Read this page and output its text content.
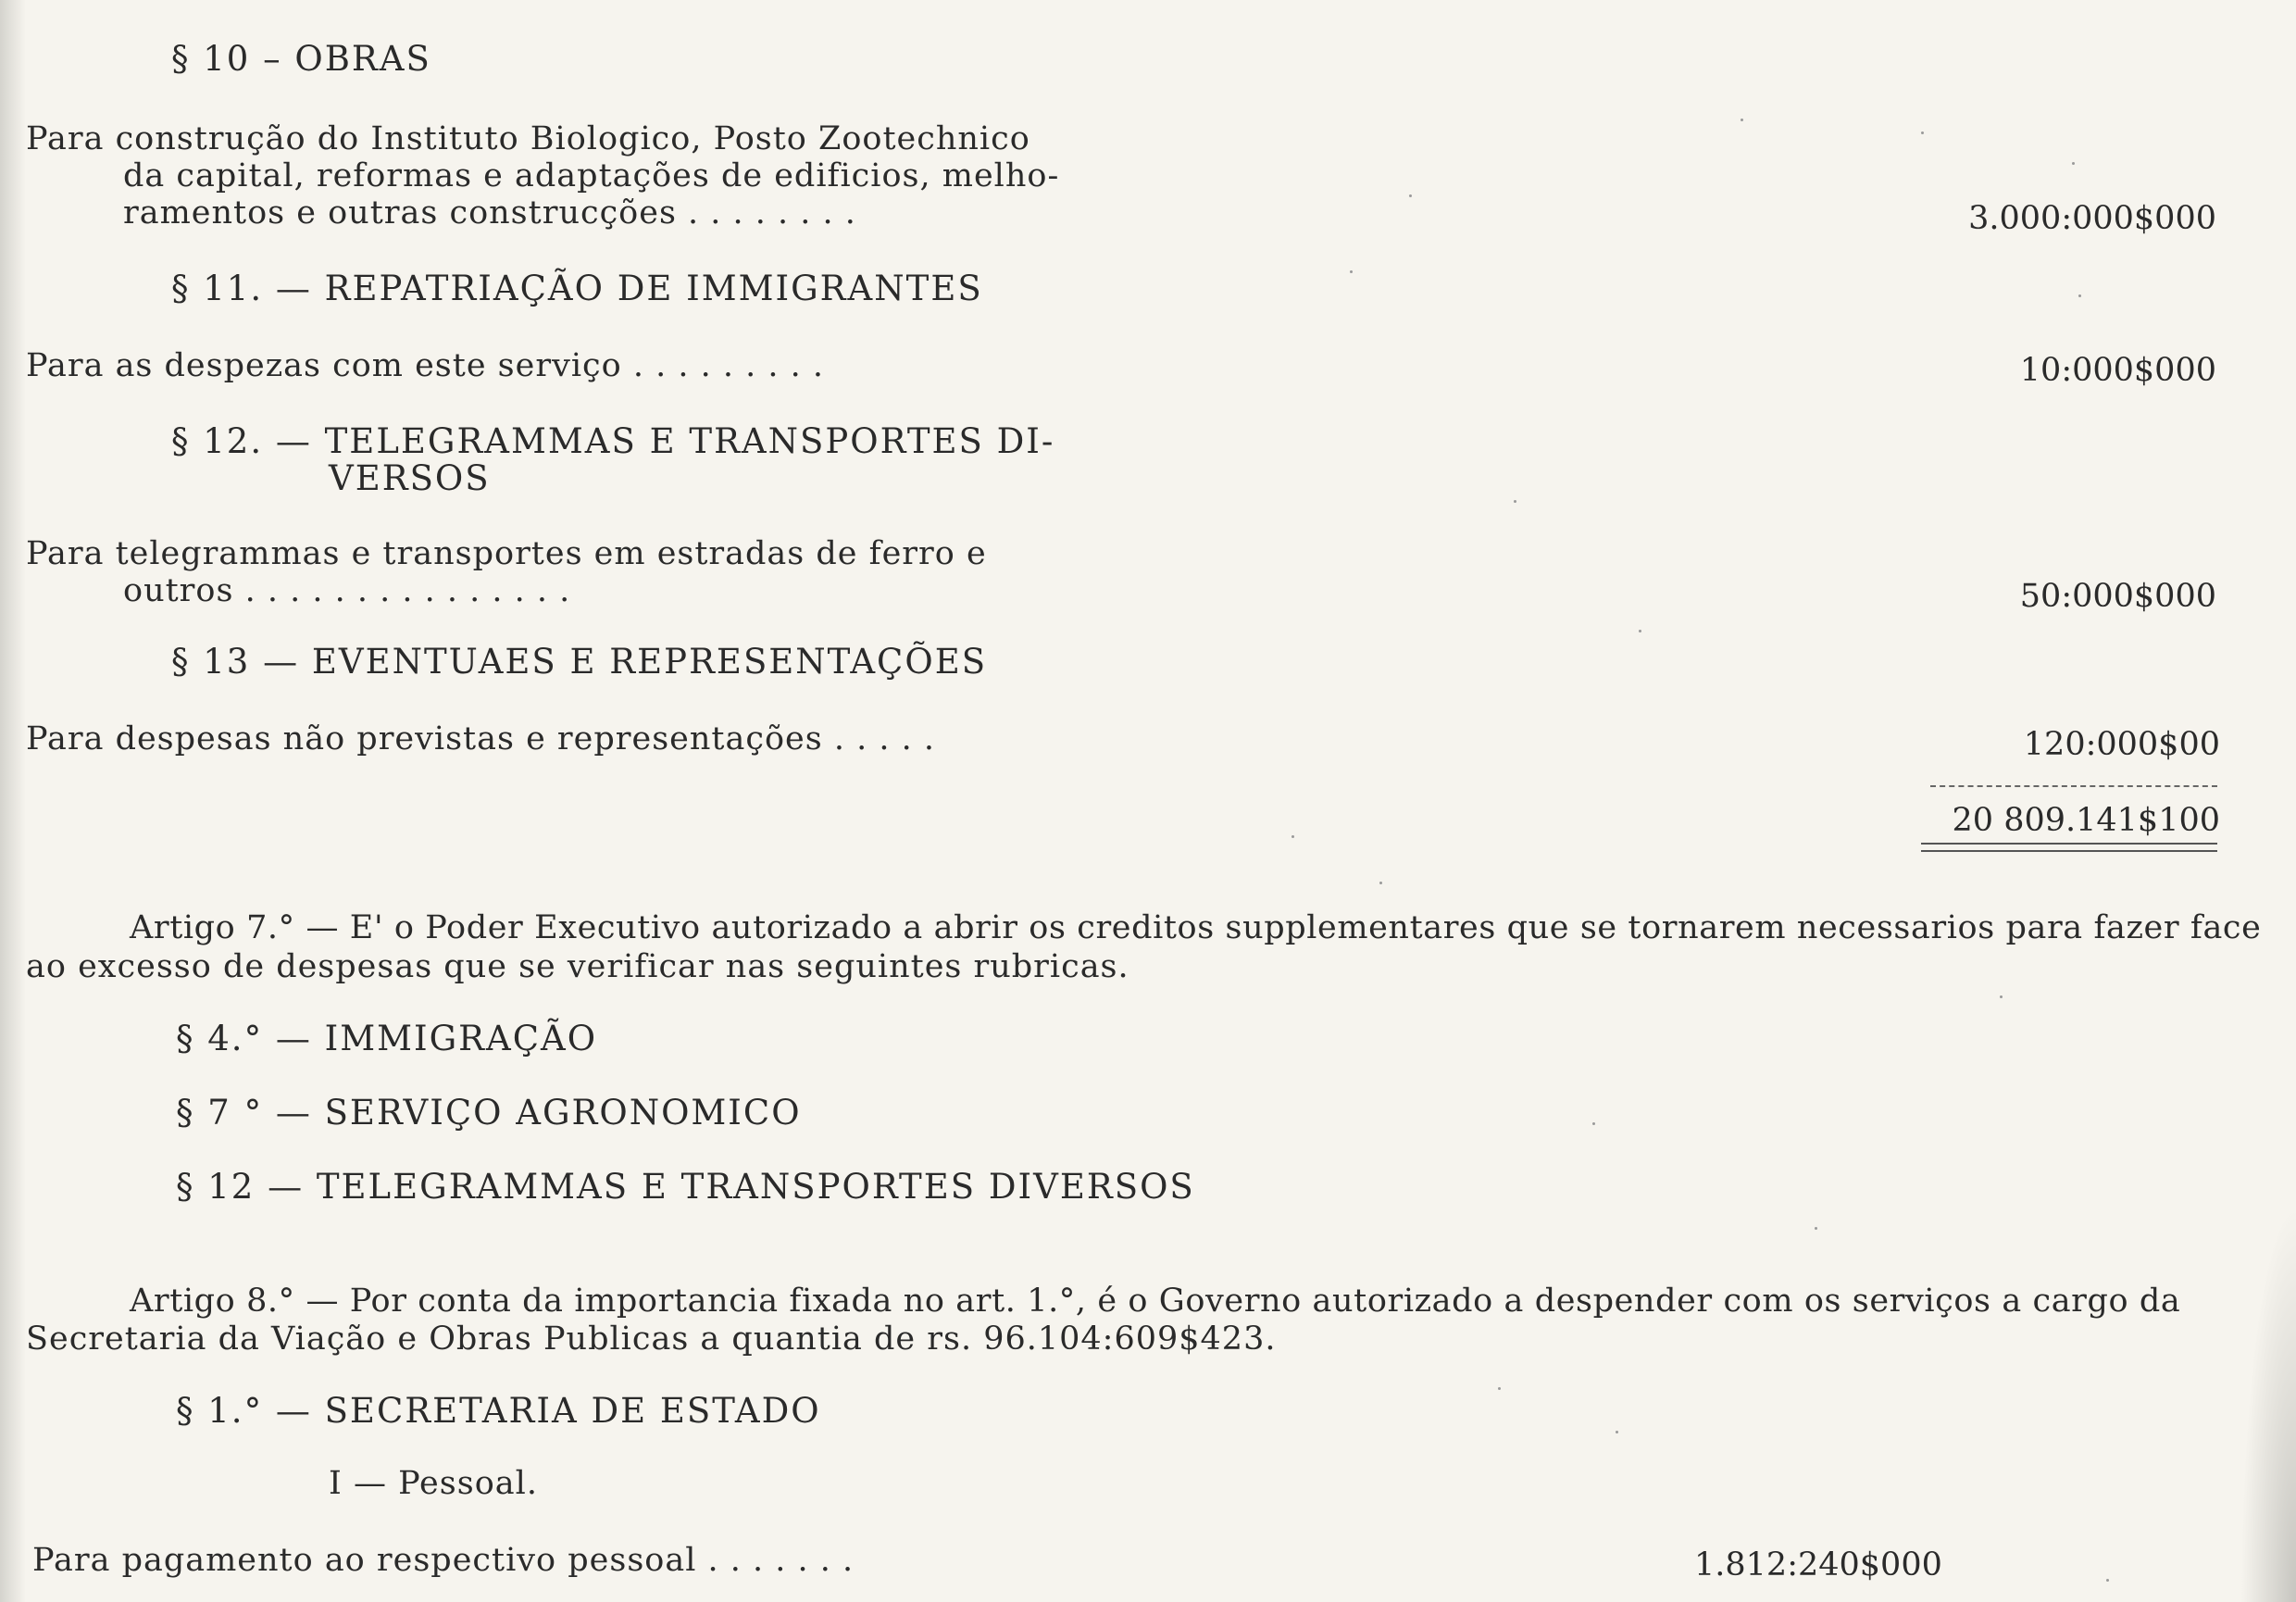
§ 10 – OBRAS
Para construção do Instituto Biologico, Posto Zootechnico
da capital, reformas e adaptações de edificios, melho-
ramentos e outras construcções . . . . . . . .	3.000:000$000
§ 11. — REPATRIAÇÃO DE IMMIGRANTES
Para as despezas com este serviço . . . . . . . . .	10:000$000
§ 12. — TELEGRAMMAS E TRANSPORTES DI-
VERSOS
Para telegrammas e transportes em estradas de ferro e
outros . . . . . . . . . . . . . . .	50:000$000
§ 13 — EVENTUAES E REPRESENTAÇÕES
Para despesas não previstas e representações . . . . .	120:000$00
20 809.141$100
Artigo 7.° — E' o Poder Executivo autorizado a abrir os creditos supplementares que se tornarem necessarios para fazer face
ao excesso de despesas que se verificar nas seguintes rubricas.
§ 4.° — IMMIGRAÇÃO
§ 7 ° — SERVIÇO AGRONOMICO
§ 12 — TELEGRAMMAS E TRANSPORTES DIVERSOS
Artigo 8.° — Por conta da importancia fixada no art. 1.°, é o Governo autorizado a despender com os serviços a cargo da
Secretaria da Viação e Obras Publicas a quantia de rs. 96.104:609$423.
§ 1.° — SECRETARIA DE ESTADO
I — Pessoal.
Para pagamento ao respectivo pessoal . . . . . . .	1.812:240$000
